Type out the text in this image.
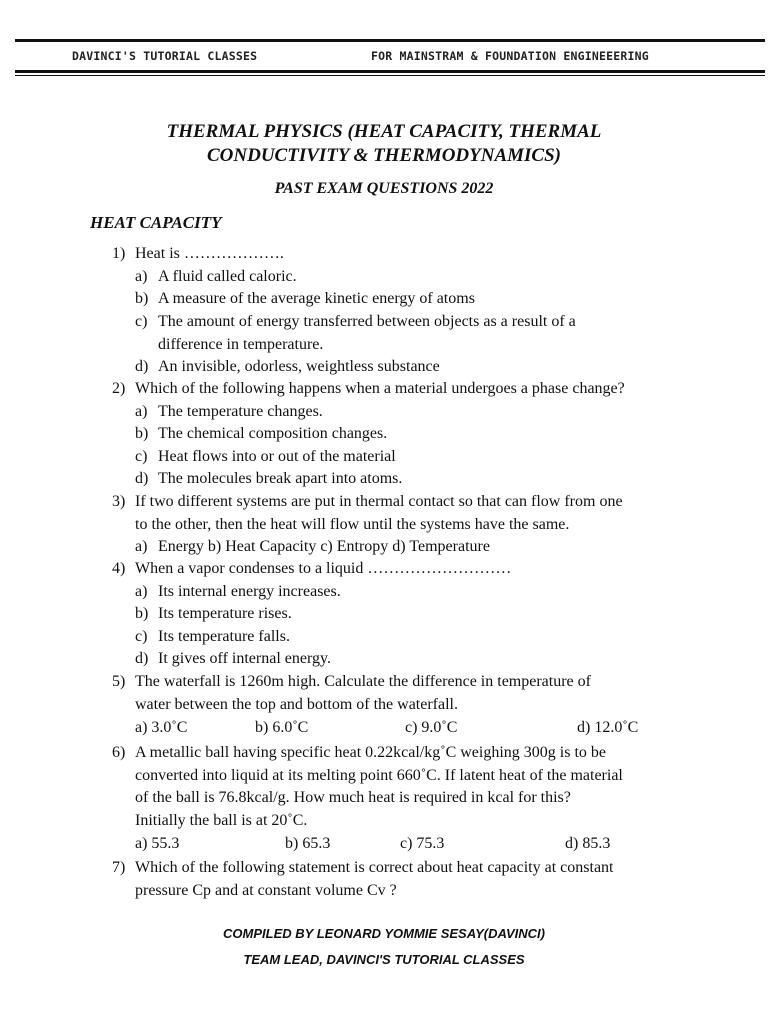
DAVINCI'S TUTORIAL CLASSES	FOR MAINSTRAM & FOUNDATION ENGINEEERING
THERMAL PHYSICS (HEAT CAPACITY, THERMAL
CONDUCTIVITY & THERMODYNAMICS)
PAST EXAM QUESTIONS 2022
HEAT CAPACITY
1) Heat is ……………….
a) A fluid called caloric.
b) A measure of the average kinetic energy of atoms
c) The amount of energy transferred between objects as a result of a
difference in temperature.
d) An invisible, odorless, weightless substance
2) Which of the following happens when a material undergoes a phase change?
a) The temperature changes.
b) The chemical composition changes.
c) Heat flows into or out of the material
d) The molecules break apart into atoms.
3) If two different systems are put in thermal contact so that can flow from one
to the other, then the heat will flow until the systems have the same.
a) Energy b) Heat Capacity c) Entropy d) Temperature
4) When a vapor condenses to a liquid ………………………
a) Its internal energy increases.
b) Its temperature rises.
c) Its temperature falls.
d) It gives off internal energy.
5) The waterfall is 1260m high. Calculate the difference in temperature of
water between the top and bottom of the waterfall.
a) 3.0˚C	b) 6.0˚C	c) 9.0˚C	d) 12.0˚C
6) A metallic ball having specific heat 0.22kcal/kg˚C weighing 300g is to be
converted into liquid at its melting point 660˚C. If latent heat of the material
of the ball is 76.8kcal/g. How much heat is required in kcal for this?
Initially the ball is at 20˚C.
a) 55.3	b) 65.3	c) 75.3	d) 85.3
7) Which of the following statement is correct about heat capacity at constant
pressure Cp and at constant volume Cv ?
COMPILED BY LEONARD YOMMIE SESAY(DAVINCI)
TEAM LEAD, DAVINCI'S TUTORIAL CLASSES
